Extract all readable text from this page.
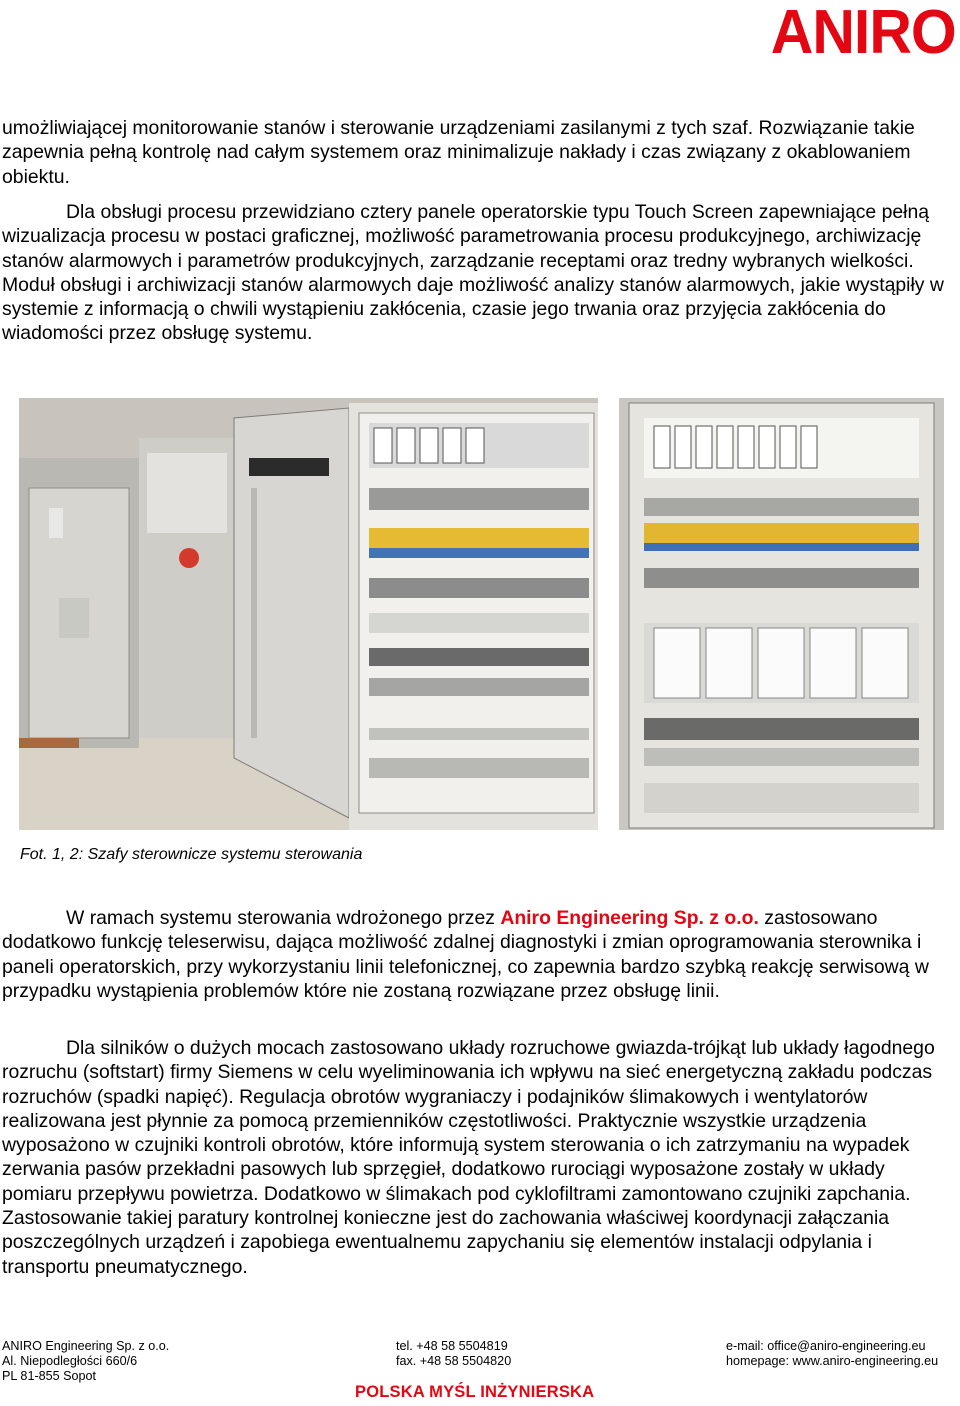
ANIRO

umożliwiającej monitorowanie stanów i sterowanie urządzeniami zasilanymi z tych szaf. Rozwiązanie takie zapewnia pełną kontrolę nad całym systemem oraz minimalizuje nakłady i czas związany z okablowaniem obiektu.

Dla obsługi procesu przewidziano cztery panele operatorskie typu Touch Screen zapewniające pełną wizualizacja procesu w postaci graficznej, możliwość parametrowania procesu produkcyjnego, archiwizację stanów alarmowych i parametrów produkcyjnych, zarządzanie receptami oraz tredny wybranych wielkości. Moduł obsługi i archiwizacji stanów alarmowych daje możliwość analizy stanów alarmowych, jakie wystąpiły w systemie z informacją o chwili wystąpieniu zakłócenia, czasie jego trwania oraz przyjęcia zakłócenia do wiadomości przez obsługę systemu.

Fot. 1, 2: Szafy sterownicze systemu sterowania

W ramach systemu sterowania wdrożonego przez Aniro Engineering Sp. z o.o. zastosowano dodatkowo funkcję teleserwisu, dająca możliwość zdalnej diagnostyki i zmian oprogramowania sterownika i paneli operatorskich, przy wykorzystaniu linii telefonicznej, co zapewnia bardzo szybką reakcję serwisową w przypadku wystąpienia problemów które nie zostaną rozwiązane przez obsługę linii.

Dla silników o dużych mocach zastosowano układy rozruchowe gwiazda-trójkąt lub układy łagodnego rozruchu (softstart) firmy Siemens w celu wyeliminowania ich wpływu na sieć energetyczną zakładu podczas rozruchów (spadki napięć). Regulacja obrotów wygraniaczy i podajników ślimakowych i wentylatorów realizowana jest płynnie za pomocą przemienników częstotliwości. Praktycznie wszystkie urządzenia wyposażono w czujniki kontroli obrotów, które informują system sterowania o ich zatrzymaniu na wypadek zerwania pasów przekładni pasowych lub sprzęgieł, dodatkowo rurociągi wyposażone zostały w układy pomiaru przepływu powietrza. Dodatkowo w ślimakach pod cyklofiltrami zamontowano czujniki zapchania. Zastosowanie takiej paratury kontrolnej konieczne jest do zachowania właściwej koordynacji załączania poszczególnych urządzeń i zapobiega ewentualnemu zapychaniu się elementów instalacji odpylania i transportu pneumatycznego.

ANIRO Engineering Sp. z o.o.
Al. Niepodległości 660/6
PL 81-855 Sopot
tel. +48 58 5504819
fax. +48 58 5504820
e-mail: office@aniro-engineering.eu
homepage: www.aniro-engineering.eu
POLSKA MYŚL INŻYNIERSKA
